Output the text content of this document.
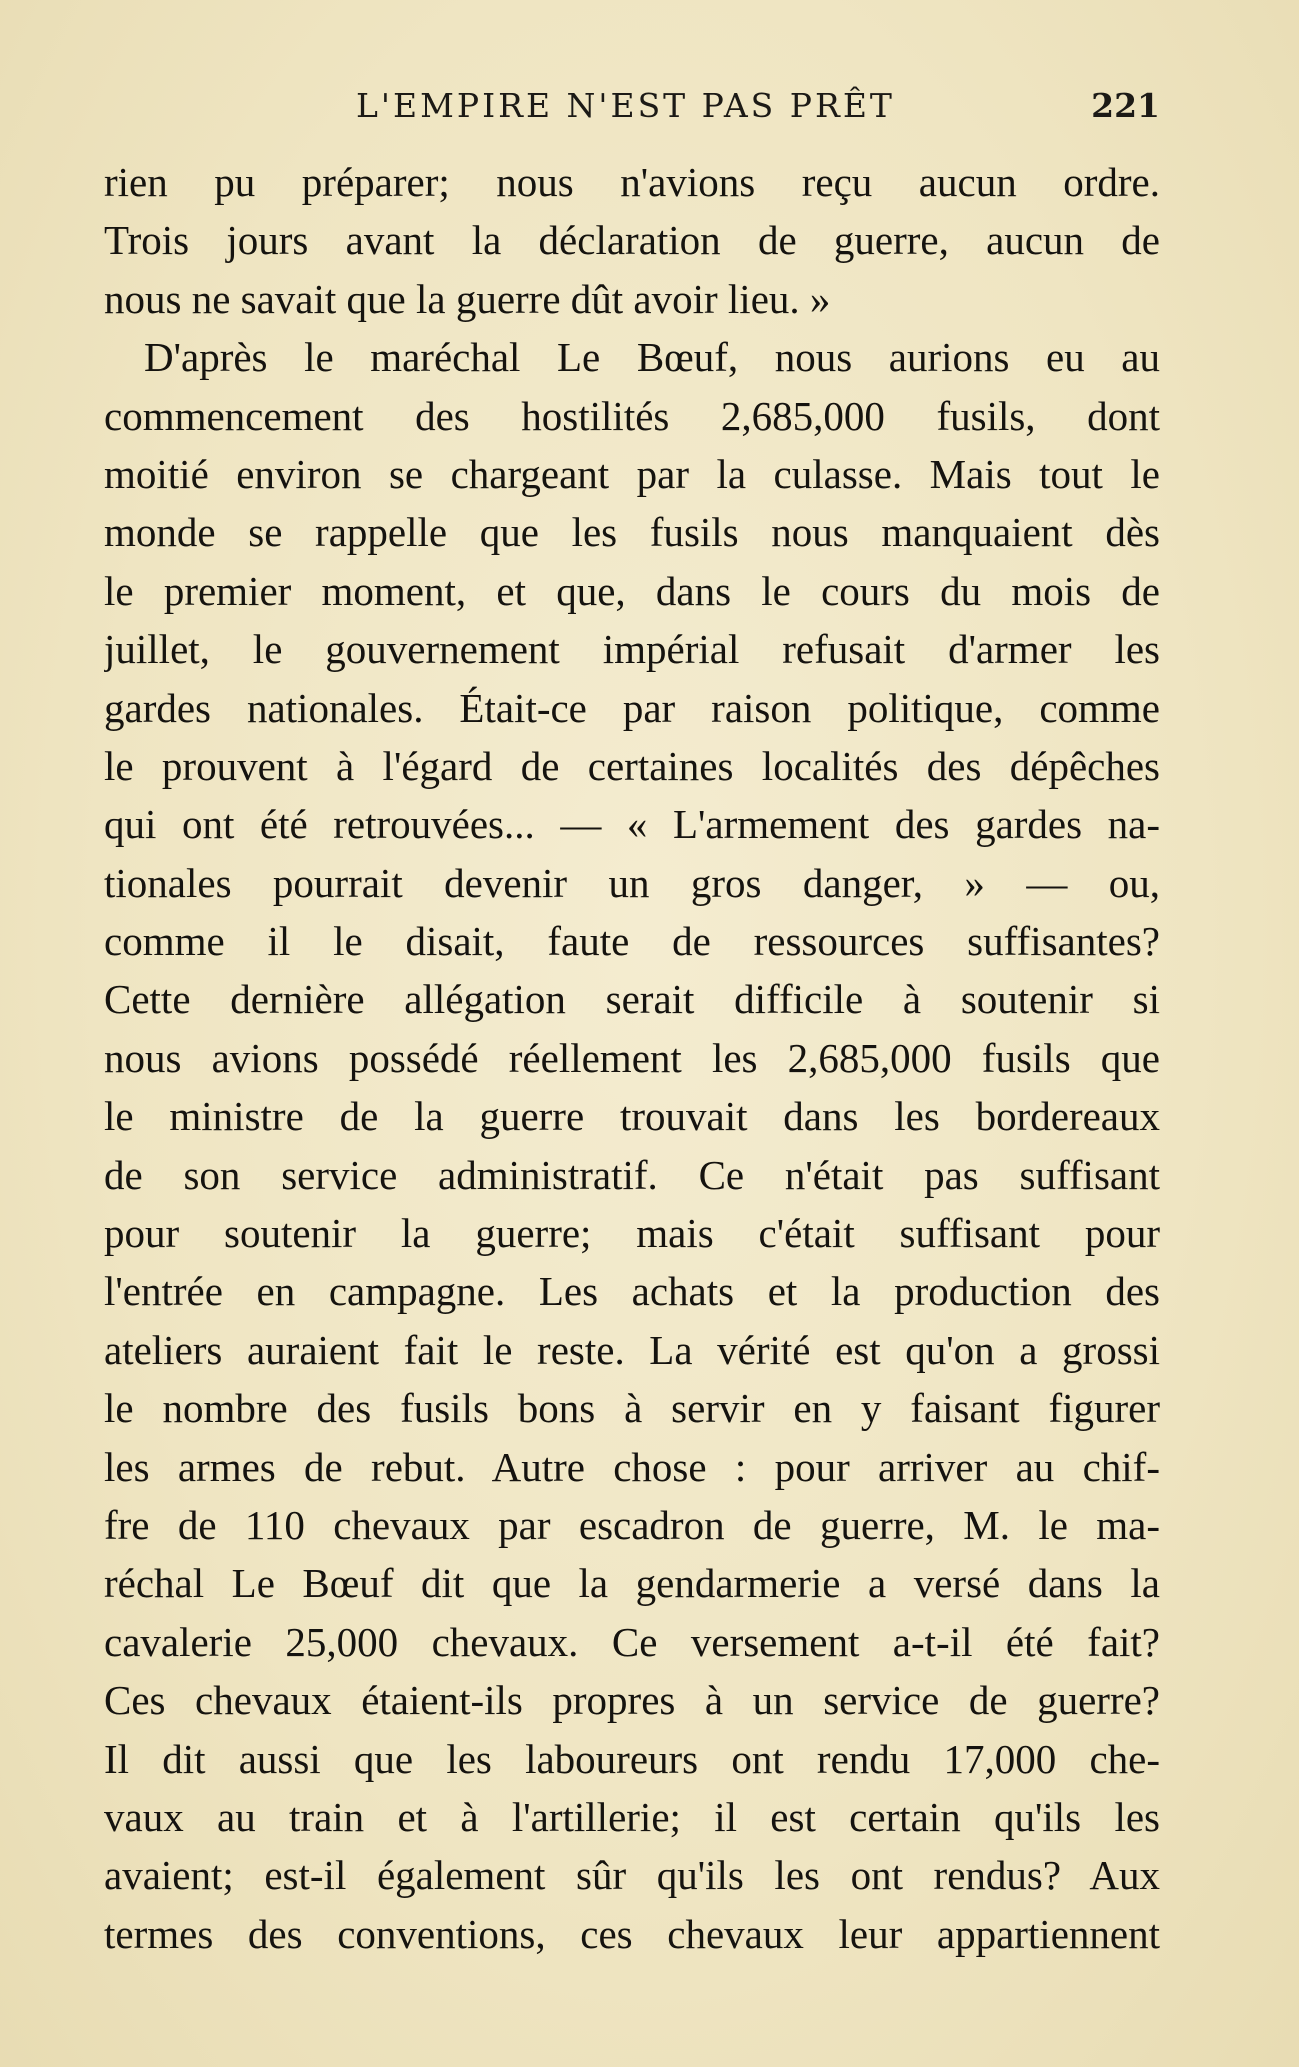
L'EMPIRE N'EST PAS PRÊT	221
rien pu préparer; nous n'avions reçu aucun ordre.
Trois jours avant la déclaration de guerre, aucun de
nous ne savait que la guerre dût avoir lieu. »
D'après le maréchal Le Bœuf, nous aurions eu au
commencement des hostilités 2,685,000 fusils, dont
moitié environ se chargeant par la culasse. Mais tout le
monde se rappelle que les fusils nous manquaient dès
le premier moment, et que, dans le cours du mois de
juillet, le gouvernement impérial refusait d'armer les
gardes nationales. Était-ce par raison politique, comme
le prouvent à l'égard de certaines localités des dépêches
qui ont été retrouvées... — « L'armement des gardes na-
tionales pourrait devenir un gros danger, » — ou,
comme il le disait, faute de ressources suffisantes?
Cette dernière allégation serait difficile à soutenir si
nous avions possédé réellement les 2,685,000 fusils que
le ministre de la guerre trouvait dans les bordereaux
de son service administratif. Ce n'était pas suffisant
pour soutenir la guerre; mais c'était suffisant pour
l'entrée en campagne. Les achats et la production des
ateliers auraient fait le reste. La vérité est qu'on a grossi
le nombre des fusils bons à servir en y faisant figurer
les armes de rebut. Autre chose : pour arriver au chif-
fre de 110 chevaux par escadron de guerre, M. le ma-
réchal Le Bœuf dit que la gendarmerie a versé dans la
cavalerie 25,000 chevaux. Ce versement a-t-il été fait?
Ces chevaux étaient-ils propres à un service de guerre?
Il dit aussi que les laboureurs ont rendu 17,000 che-
vaux au train et à l'artillerie; il est certain qu'ils les
avaient; est-il également sûr qu'ils les ont rendus? Aux
termes des conventions, ces chevaux leur appartiennent
